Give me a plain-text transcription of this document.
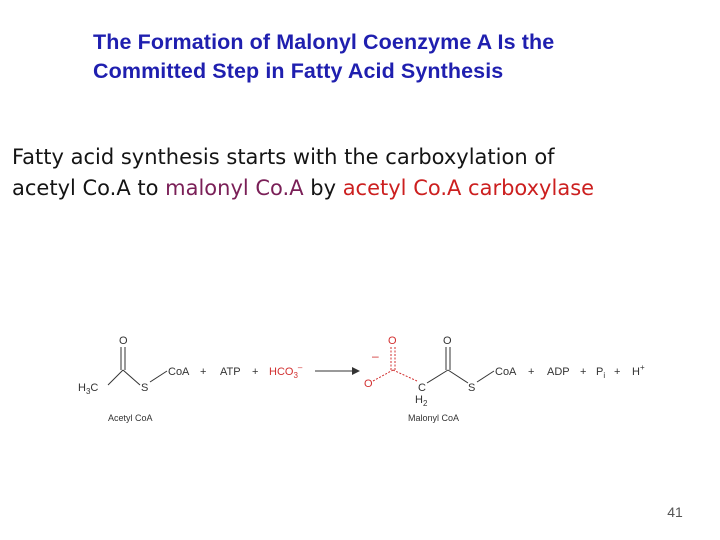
The Formation of Malonyl Coenzyme A Is the
Committed Step in Fatty Acid Synthesis
Fatty acid synthesis starts with the carboxylation of
acetyl Co.A to malonyl Co.A by acetyl Co.A carboxylase
O
$H_3C$	S
CoA
Acetyl CoA
+ ATP + $HCO_3^-$
–
O
O	C
$H_2$
O
S
CoA
Malonyl CoA
+ ADP + $P_i + H^+$
41
